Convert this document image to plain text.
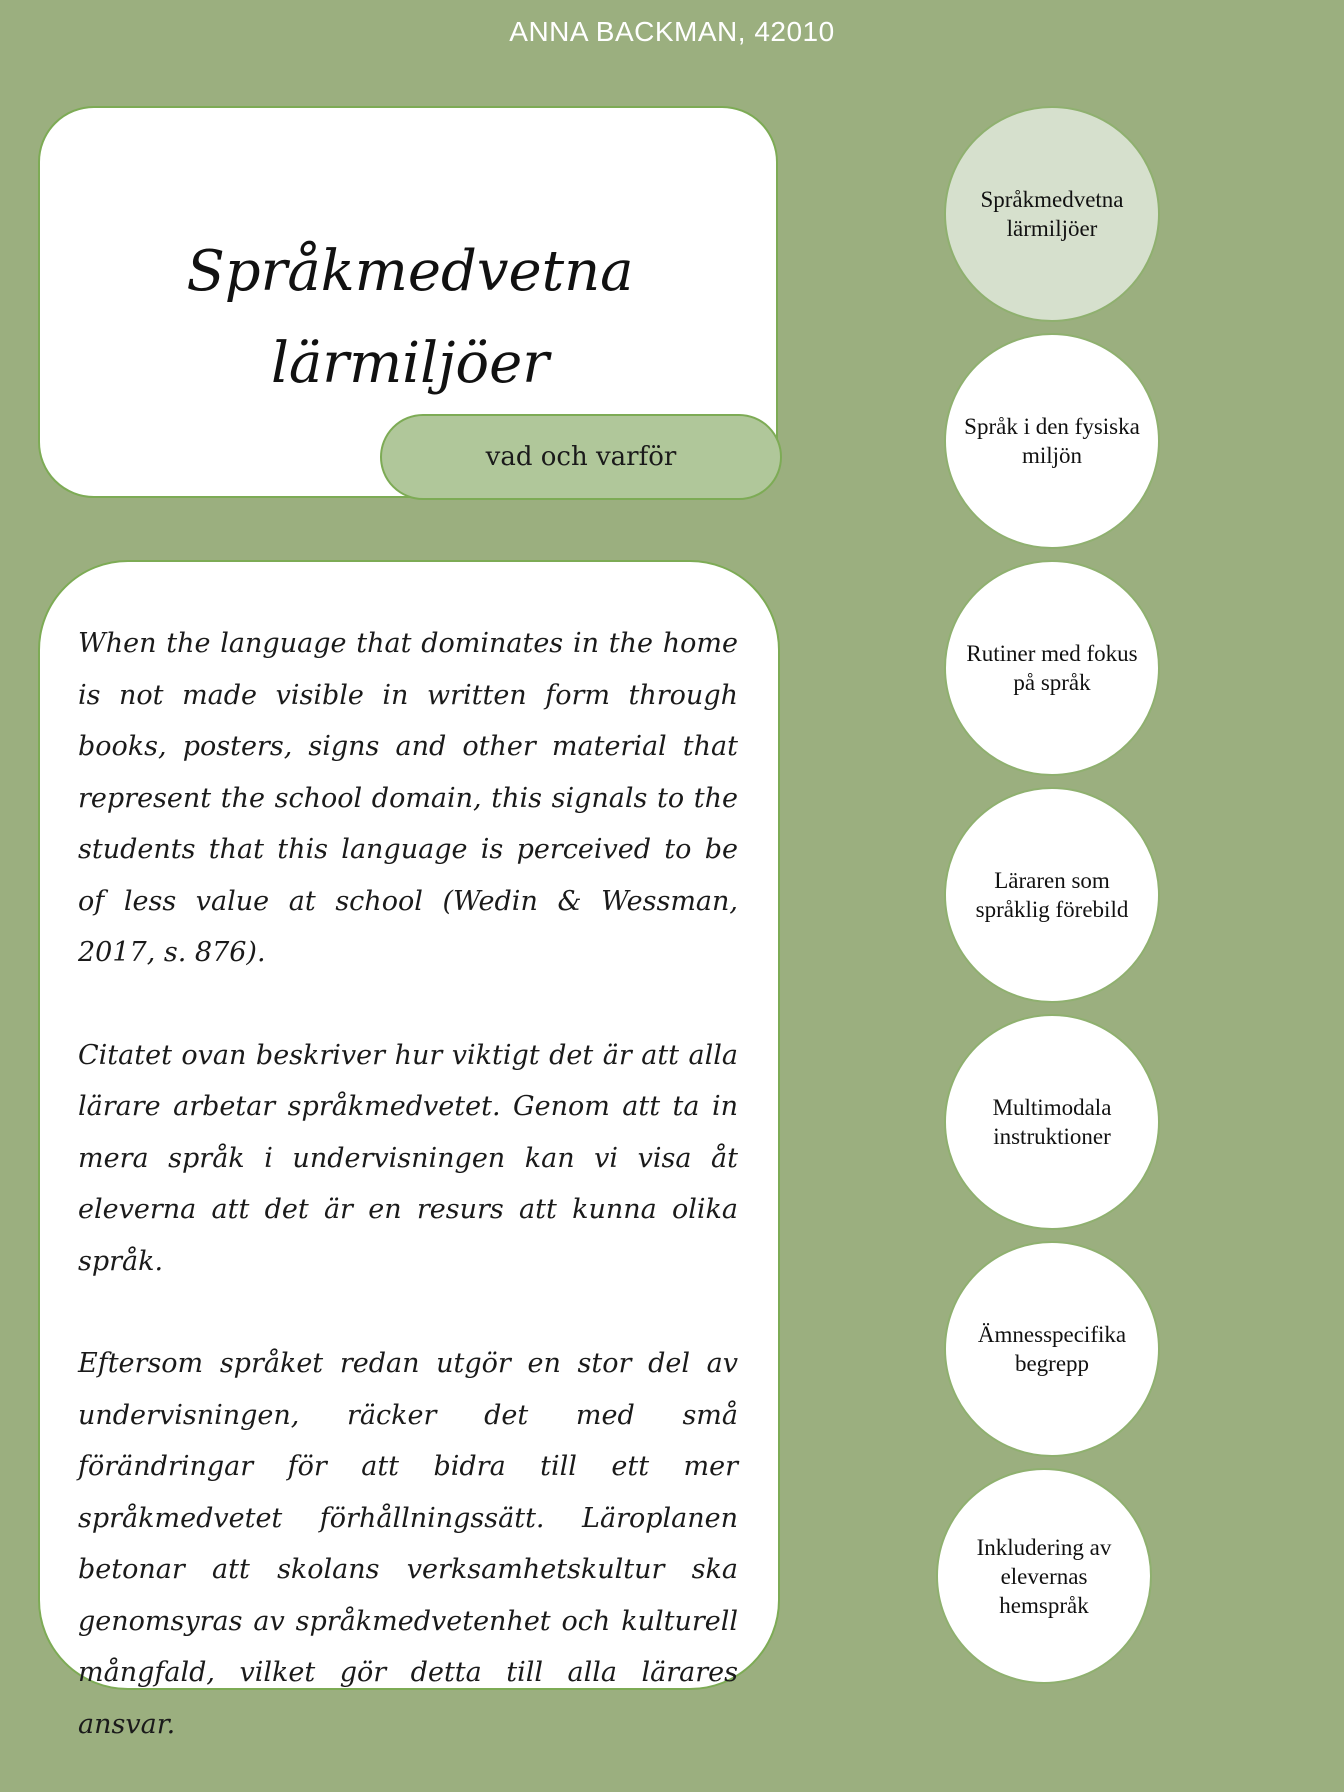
ANNA BACKMAN, 42010
Språkmedvetna
lärmiljöer
vad och varför

When the language that dominates in the home is not made visible in written form through books, posters, signs and other material that represent the school domain, this signals to the students that this language is perceived to be of less value at school (Wedin & Wessman, 2017, s. 876).

Citatet ovan beskriver hur viktigt det är att alla lärare arbetar språkmedvetet. Genom att ta in mera språk i undervisningen kan vi visa åt eleverna att det är en resurs att kunna olika språk.

Eftersom språket redan utgör en stor del av undervisningen, räcker det med små förändringar för att bidra till ett mer språkmedvetet förhållningssätt. Läroplanen betonar att skolans verksamhetskultur ska genomsyras av språkmedvetenhet och kulturell mångfald, vilket gör detta till alla lärares ansvar.

Språkmedvetna lärmiljöer
Språk i den fysiska miljön
Rutiner med fokus på språk
Läraren som språklig förebild
Multimodala instruktioner
Ämnesspecifika begrepp
Inkludering av elevernas hemspråk
